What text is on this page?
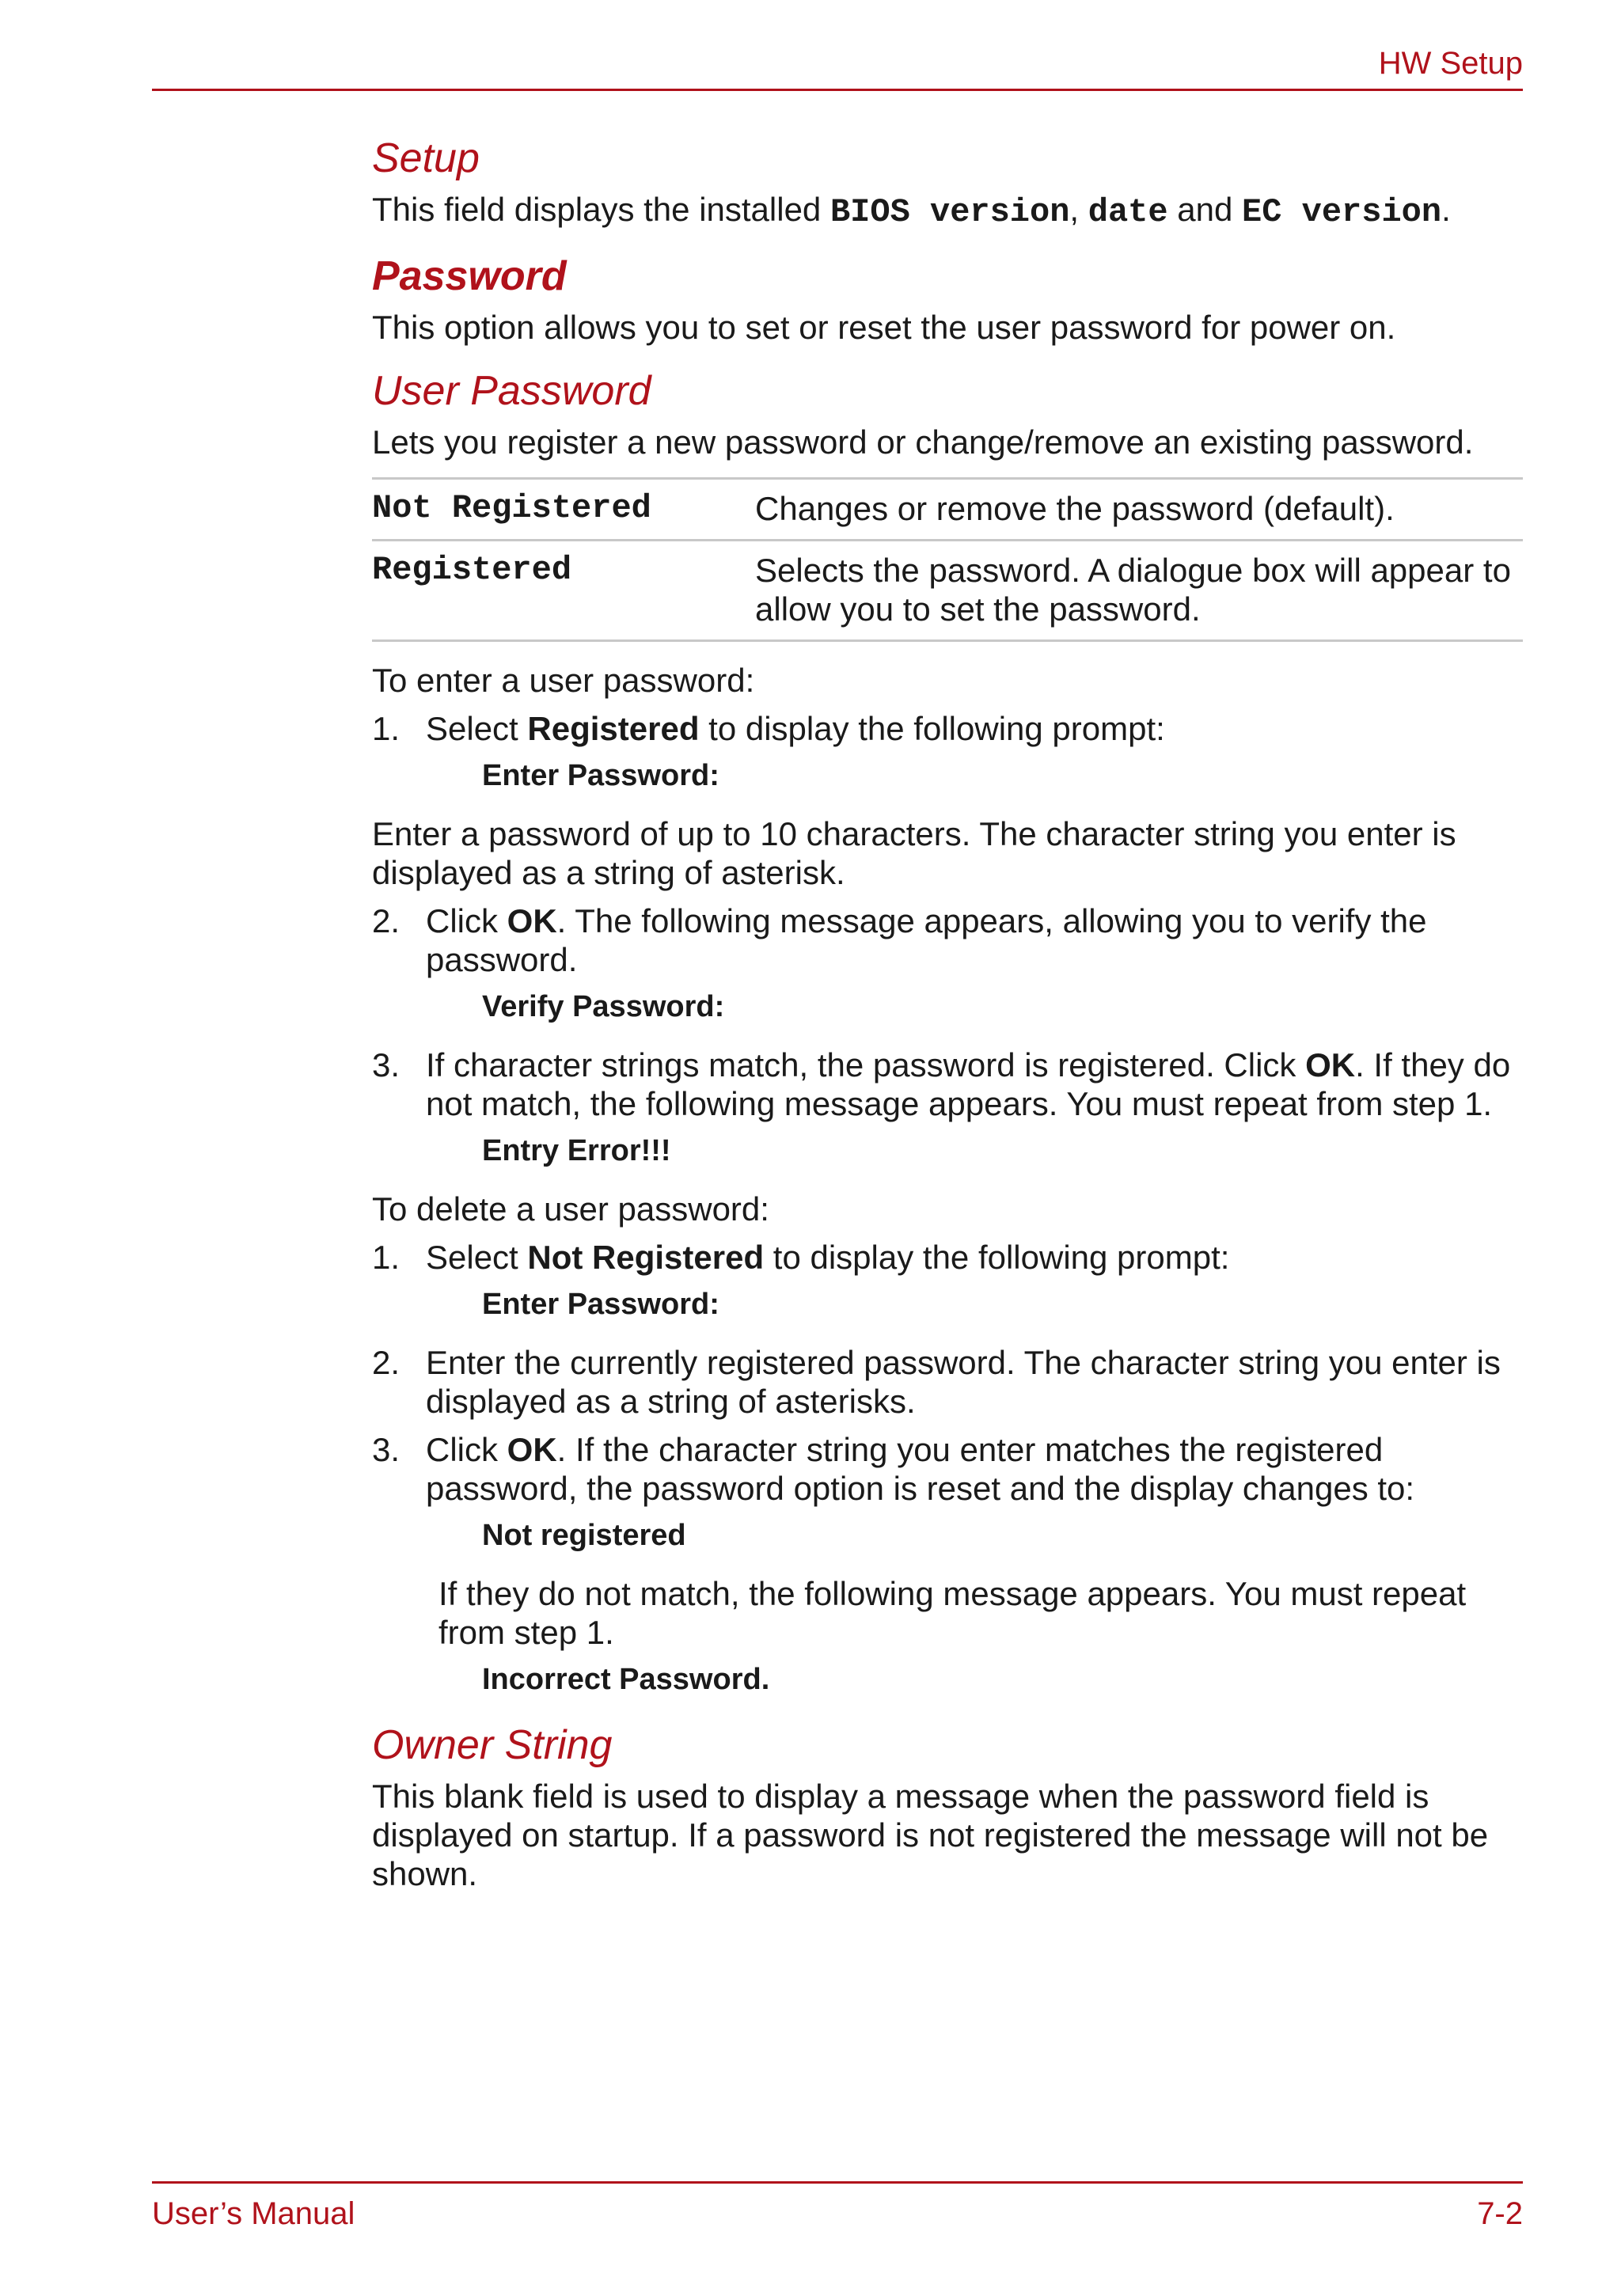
HW Setup
Setup
This field displays the installed BIOS version, date and EC version.
Password
This option allows you to set or reset the user password for power on.
User Password
Lets you register a new password or change/remove an existing password.
Not Registered	Changes or remove the password (default).
Registered	Selects the password. A dialogue box will appear to allow you to set the password.
To enter a user password:
1. Select Registered to display the following prompt:
Enter Password:
Enter a password of up to 10 characters. The character string you enter is displayed as a string of asterisk.
2. Click OK. The following message appears, allowing you to verify the password.
Verify Password:
3. If character strings match, the password is registered. Click OK. If they do not match, the following message appears. You must repeat from step 1.
Entry Error!!!
To delete a user password:
1. Select Not Registered to display the following prompt:
Enter Password:
2. Enter the currently registered password. The character string you enter is displayed as a string of asterisks.
3. Click OK. If the character string you enter matches the registered password, the password option is reset and the display changes to:
Not registered
If they do not match, the following message appears. You must repeat from step 1.
Incorrect Password.
Owner String
This blank field is used to display a message when the password field is displayed on startup. If a password is not registered the message will not be shown.
User’s Manual	7-2
